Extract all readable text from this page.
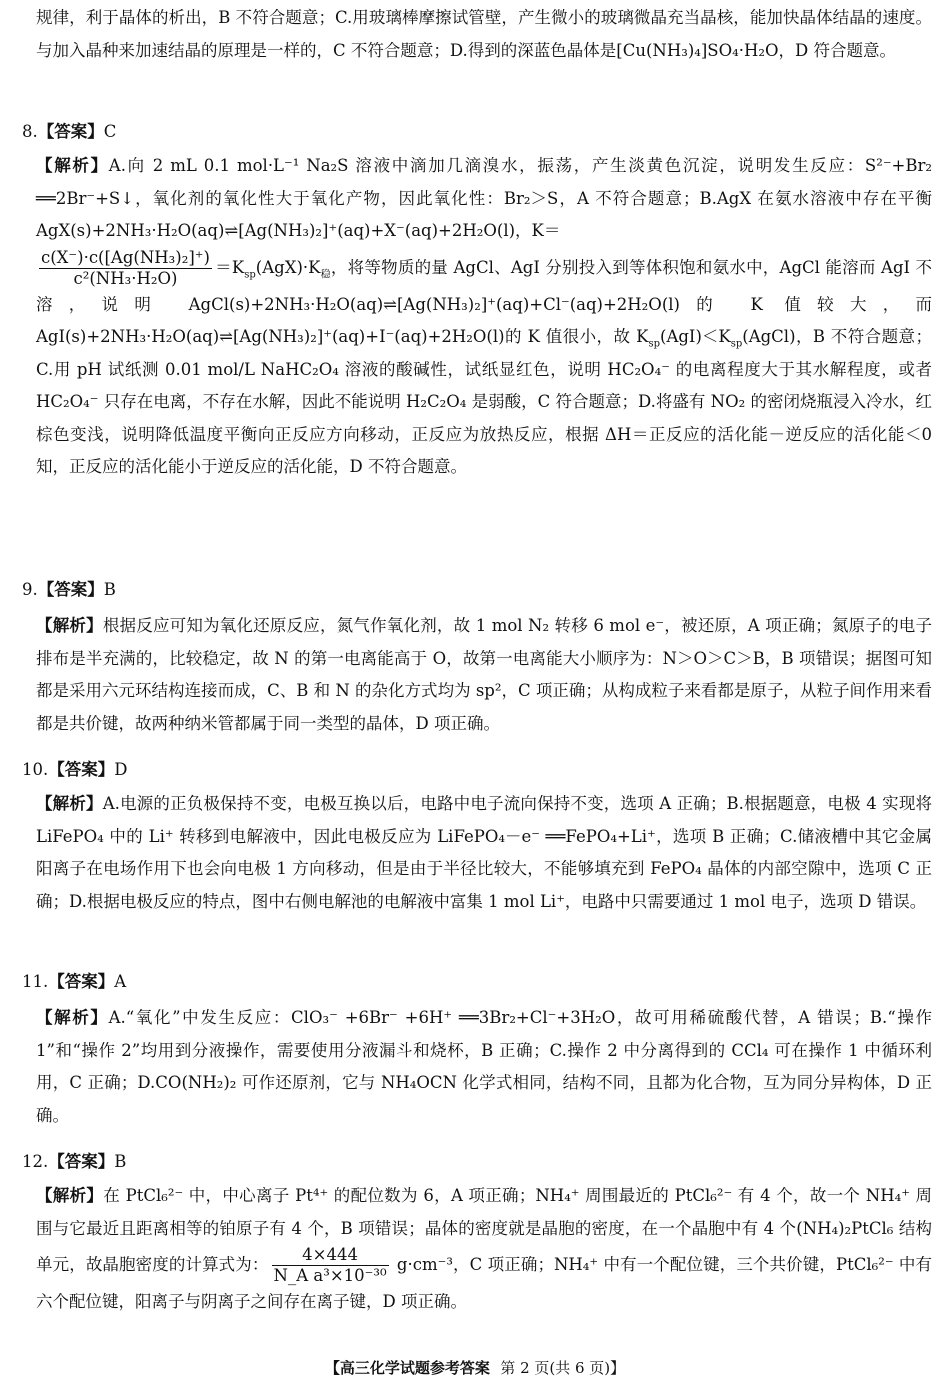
规律，利于晶体的析出，B 不符合题意；C.用玻璃棒摩擦试管壁，产生微小的玻璃微晶充当晶核，能加快晶体结晶的速度。与加入晶种来加速结晶的原理是一样的，C 不符合题意；D.得到的深蓝色晶体是[Cu(NH₃)₄]SO₄·H₂O，D 符合题意。

8.【答案】C

【解析】A.向 2 mL 0.1 mol·L⁻¹ Na₂S 溶液中滴加几滴溴水，振荡，产生淡黄色沉淀，说明发生反应：S²⁻+Br₂ ══2Br⁻+S↓，氧化剂的氧化性大于氧化产物，因此氧化性：Br₂＞S，A 不符合题意；B.AgX 在氨水溶液中存在平衡 AgX(s)+2NH₃·H₂O(aq)⇌[Ag(NH₃)₂]⁺(aq)+X⁻(aq)+2H₂O(l)，K＝

$\frac{\text{c(X⁻)·c([Ag(NH₃)₂]⁺)}}{\text{c²(NH₃·H₂O)}} =K_{sp}(AgX)\cdot K_稳$，将等物质的量 AgCl、AgI 分别投入到等体积饱和氨水中，AgCl 能溶而 AgI 不溶，说明 AgCl(s)+2NH₃·H₂O(aq)⇌[Ag(NH₃)₂]⁺(aq)+Cl⁻(aq)+2H₂O(l)的 K 值较大，而 AgI(s)+2NH₃·H₂O(aq)⇌[Ag(NH₃)₂]⁺(aq)+I⁻(aq)+2H₂O(l)的 K 值很小，故 $K_{sp}(AgI)<K_{sp}(AgCl)$，B 不符合题意；C.用 pH 试纸测 0.01 mol/L NaHC₂O₄ 溶液的酸碱性，试纸显红色，说明 HC₂O₄⁻ 的电离程度大于其水解程度，或者 HC₂O₄⁻ 只存在电离，不存在水解，因此不能说明 H₂C₂O₄ 是弱酸，C 符合题意；D.将盛有 NO₂ 的密闭烧瓶浸入冷水，红棕色变浅，说明降低温度平衡向正反应方向移动，正反应为放热反应，根据 ΔH＝正反应的活化能－逆反应的活化能＜0 知，正反应的活化能小于逆反应的活化能，D 不符合题意。

9.【答案】B

【解析】根据反应可知为氧化还原反应，氮气作氧化剂，故 1 mol N₂ 转移 6 mol e⁻，被还原，A 项正确；氮原子的电子排布是半充满的，比较稳定，故 N 的第一电离能高于 O，故第一电离能大小顺序为：N＞O＞C＞B，B 项错误；据图可知都是采用六元环结构连接而成，C、B 和 N 的杂化方式均为 sp²，C 项正确；从构成粒子来看都是原子，从粒子间作用来看都是共价键，故两种纳米管都属于同一类型的晶体，D 项正确。

10.【答案】D

【解析】A.电源的正负极保持不变，电极互换以后，电路中电子流向保持不变，选项 A 正确；B.根据题意，电极 4 实现将 LiFePO₄ 中的 Li⁺ 转移到电解液中，因此电极反应为 LiFePO₄－e⁻ ══FePO₄+Li⁺，选项 B 正确；C.储液槽中其它金属阳离子在电场作用下也会向电极 1 方向移动，但是由于半径比较大，不能够填充到 FePO₄ 晶体的内部空隙中，选项 C 正确；D.根据电极反应的特点，图中右侧电解池的电解液中富集 1 mol Li⁺，电路中只需要通过 1 mol 电子，选项 D 错误。

11.【答案】A

【解析】A.“氧化”中发生反应：ClO₃⁻ +6Br⁻ +6H⁺ ══3Br₂+Cl⁻+3H₂O，故可用稀硫酸代替，A 错误；B.“操作 1”和“操作 2”均用到分液操作，需要使用分液漏斗和烧杯，B 正确；C.操作 2 中分离得到的 CCl₄ 可在操作 1 中循环利用，C 正确；D.CO(NH₂)₂ 可作还原剂，它与 NH₄OCN 化学式相同，结构不同，且都为化合物，互为同分异构体，D 正确。

12.【答案】B

【解析】在 PtCl₆²⁻ 中，中心离子 Pt⁴⁺ 的配位数为 6，A 项正确；NH₄⁺ 周围最近的 PtCl₆²⁻ 有 4 个，故一个 NH₄⁺ 周围与它最近且距离相等的铂原子有 4 个，B 项错误；晶体的密度就是晶胞的密度，在一个晶胞中有 4 个(NH₄)₂PtCl₆ 结构单元，故晶胞密度的计算式为： $\frac{4\times 444}{\text{N\_A a³×10⁻³⁰}} g\cdot cm^{-3}$，C 项正确；NH₄⁺ 中有一个配位键，三个共价键，PtCl₆²⁻ 中有六个配位键，阳离子与阴离子之间存在离子键，D 项正确。

【高三化学试题参考答案 第 2 页(共 6 页)】
